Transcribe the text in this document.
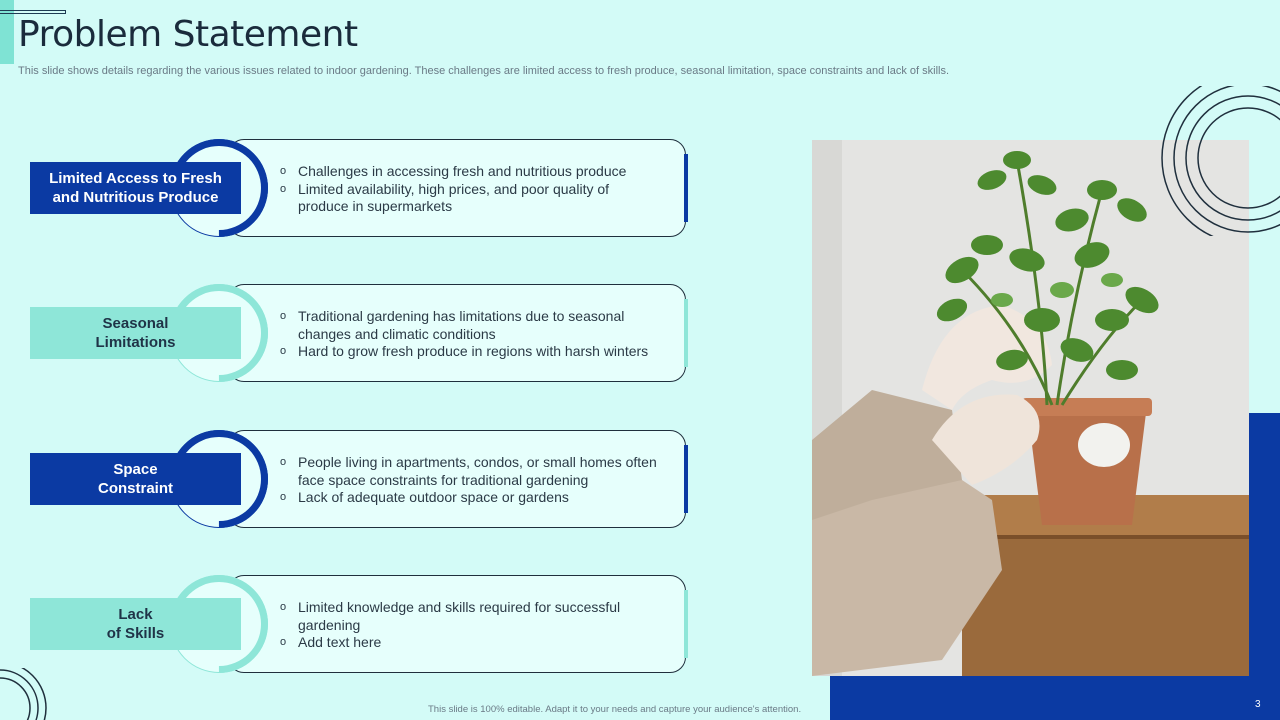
Problem Statement

This slide shows details regarding the various issues related to indoor gardening. These challenges are limited access to fresh produce, seasonal limitation, space constraints and lack of skills.

Limited Access to Fresh
and Nutritious Produce
o Challenges in accessing fresh and nutritious produce
o Limited availability, high prices, and poor quality of produce in supermarkets
Seasonal
Limitations
o Traditional gardening has limitations due to seasonal changes and climatic conditions
o Hard to grow fresh produce in regions with harsh winters
Space
Constraint
o People living in apartments, condos, or small homes often face space constraints for traditional gardening
o Lack of adequate outdoor space or gardens
Lack
of Skills
o Limited knowledge and skills required for successful gardening
o Add text here
This slide is 100% editable. Adapt it to your needs and capture your audience's attention.	3
